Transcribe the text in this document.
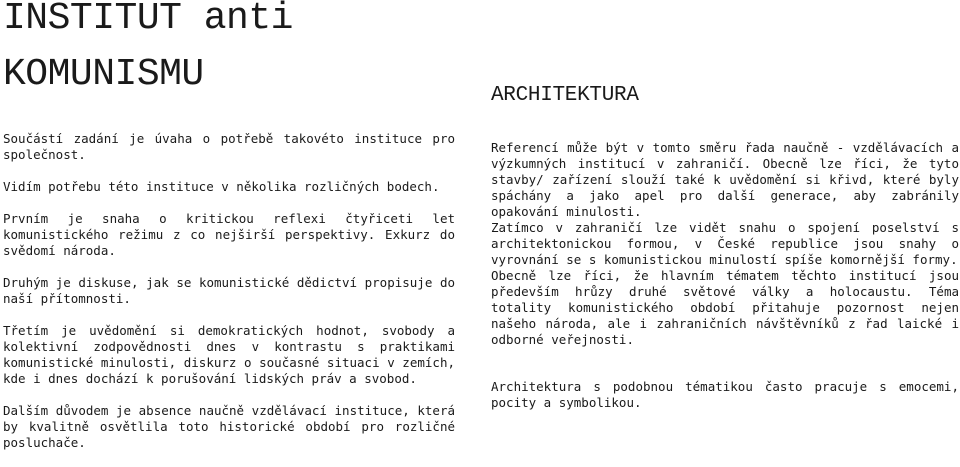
INSTITUT anti
KOMUNISMU

Součástí zadání je úvaha o potřebě takovéto instituce pro společnost.

Vidím potřebu této instituce v několika rozličných bodech.

Prvním je snaha o kritickou reflexi čtyřiceti let komunistického režimu z co nejširší perspektivy. Exkurz do svědomí národa.

Druhým je diskuse, jak se komunistické dědictví propisuje do naší přítomnosti.

Třetím je uvědomění si demokratických hodnot, svobody a kolektivní zodpovědnosti dnes v kontrastu s praktikami komunistické minulosti, diskurz o současné situaci v zemích, kde i dnes dochází k porušování lidských práv a svobod.

Dalším důvodem je absence naučně vzdělávací instituce, která by kvalitně osvětlila toto historické období pro rozličné posluchače.

ARCHITEKTURA

Referencí může být v tomto směru řada naučně - vzdělávacích a výzkumných institucí v zahraničí. Obecně lze říci, že tyto stavby/ zařízení slouží také k uvědomění si křivd, které byly spáchány a jako apel pro další generace, aby zabránily opakování minulosti.

Zatímco v zahraničí lze vidět snahu o spojení poselství s architektonickou formou, v České republice jsou snahy o vyrovnání se s komunistickou minulostí spíše komornější formy.

Obecně lze říci, že hlavním tématem těchto institucí jsou především hrůzy druhé světové války a holocaustu. Téma totality komunistického období přitahuje pozornost nejen našeho národa, ale i zahraničních návštěvníků z řad laické i odborné veřejnosti.

Architektura s podobnou tématikou často pracuje s emocemi, pocity a symbolikou.
